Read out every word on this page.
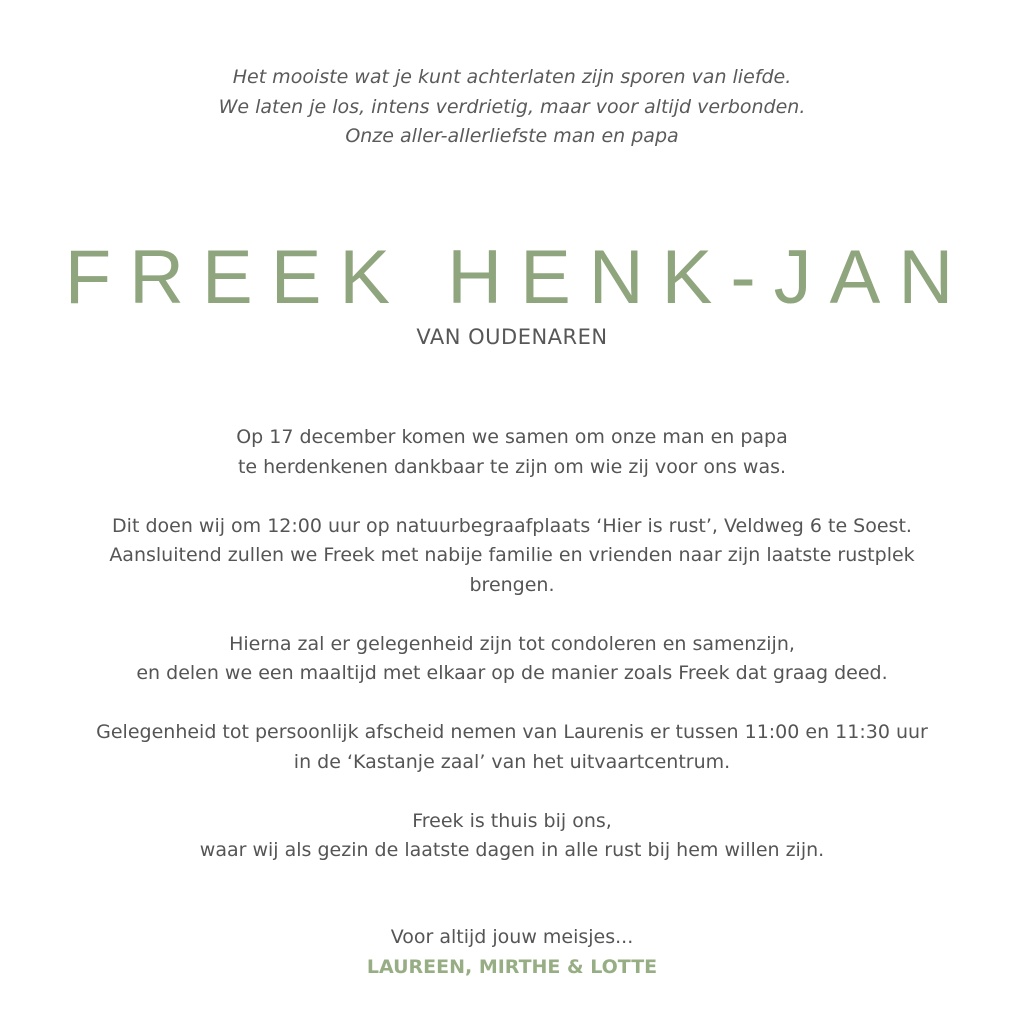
Het mooiste wat je kunt achterlaten zijn sporen van liefde.
We laten je los, intens verdrietig, maar voor altijd verbonden.
Onze aller-allerliefste man en papa
FREEK HENK-JAN
VAN OUDENAREN
Op 17 december komen we samen om onze man en papa
te herdenkenen dankbaar te zijn om wie zij voor ons was.
Dit doen wij om 12:00 uur op natuurbegraafplaats ‘Hier is rust’, Veldweg 6 te Soest.
Aansluitend zullen we Freek met nabije familie en vrienden naar zijn laatste rustplek
brengen.
Hierna zal er gelegenheid zijn tot condoleren en samenzijn,
en delen we een maaltijd met elkaar op de manier zoals Freek dat graag deed.
Gelegenheid tot persoonlijk afscheid nemen van Laurenis er tussen 11:00 en 11:30 uur
in de ‘Kastanje zaal’ van het uitvaartcentrum.
Freek is thuis bij ons,
waar wij als gezin de laatste dagen in alle rust bij hem willen zijn.
Voor altijd jouw meisjes...
LAUREEN, MIRTHE & LOTTE
